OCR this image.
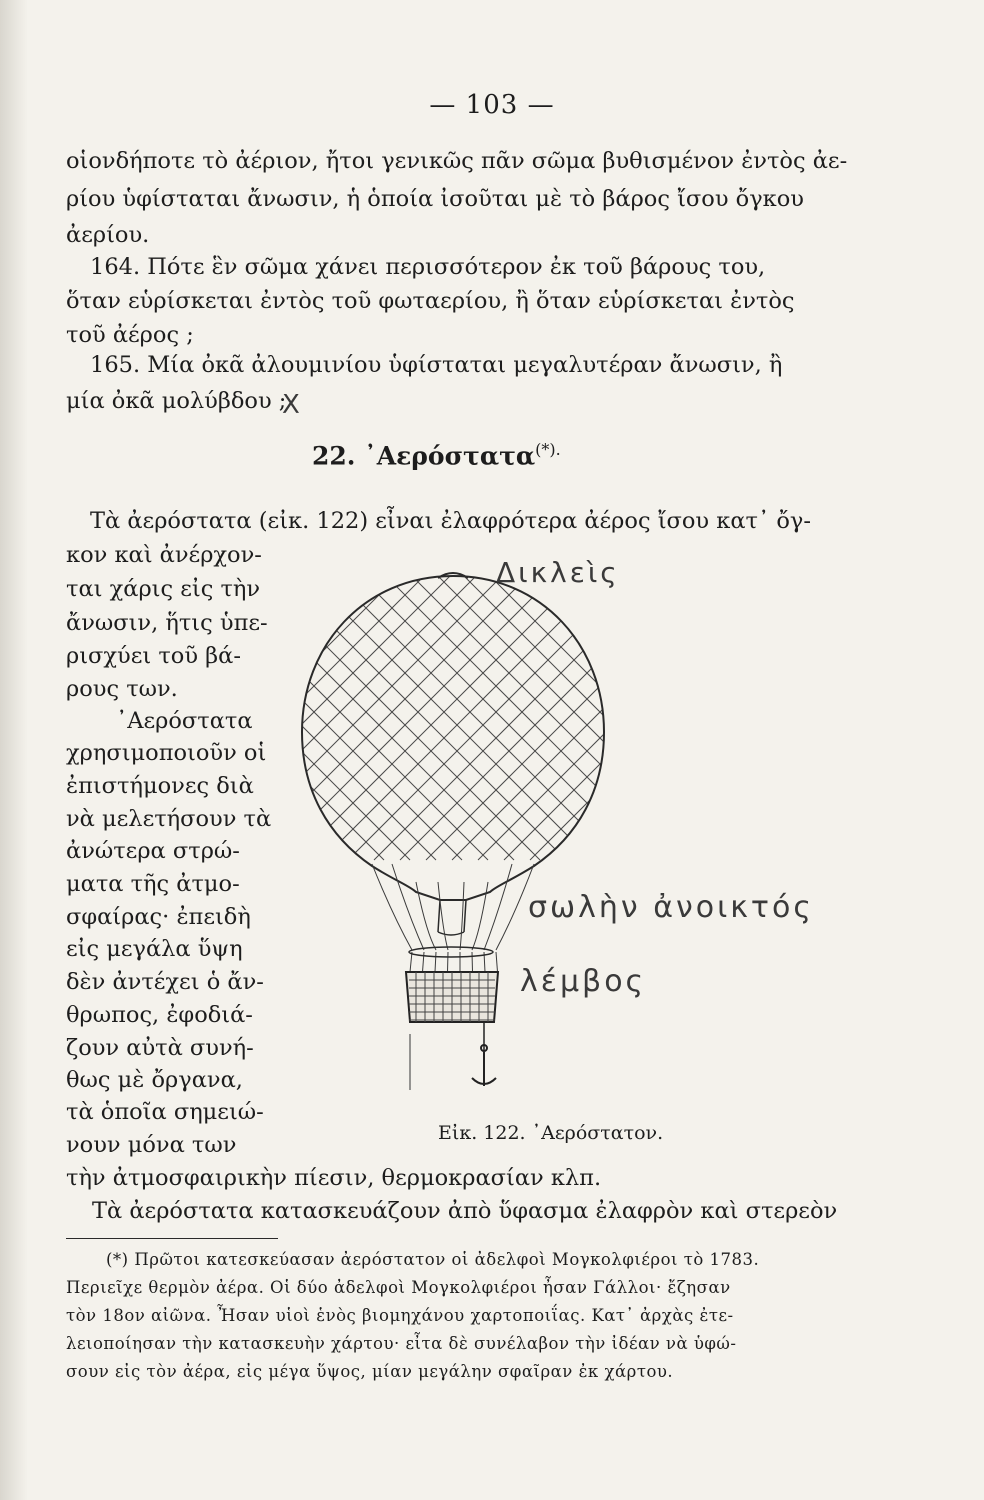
— 103 —
οἱονδήποτε τὸ ἀέριον, ἤτοι γενικῶς πᾶν σῶμα βυθισμένον ἐντὸς ἀε-
ρίου ὑφίσταται ἄνωσιν, ἡ ὁποία ἰσοῦται μὲ τὸ βάρος ἴσου ὄγκου
ἀερίου.
164. Πότε ἓν σῶμα χάνει περισσότερον ἐκ τοῦ βάρους του,
ὅταν εὑρίσκεται ἐντὸς τοῦ φωταερίου, ἢ ὅταν εὑρίσκεται ἐντὸς
τοῦ ἀέρος ;
165. Μία ὀκᾶ ἀλουμινίου ὑφίσταται μεγαλυτέραν ἄνωσιν, ἢ
μία ὀκᾶ μολύβδου ;
Χ
22. ᾿Αερόστατα(*).
Τὰ ἀερόστατα (εἰκ. 122) εἶναι ἐλαφρότερα ἀέρος ἴσου κατ᾽ ὄγ-
κον καὶ ἀνέρχον-
ται χάρις εἰς τὴν
ἄνωσιν, ἥτις ὑπε-
ρισχύει τοῦ βά-
ρους των.
᾿Αερόστατα
χρησιμοποιοῦν οἱ
ἐπιστήμονες διὰ
νὰ μελετήσουν τὰ
ἀνώτερα στρώ-
ματα τῆς ἀτμο-
σφαίρας· ἐπειδὴ
εἰς μεγάλα ὕψη
δὲν ἀντέχει ὁ ἄν-
θρωπος, ἐφοδιά-
ζουν αὐτὰ συνή-
θως μὲ ὄργανα,
τὰ ὁποῖα σημειώ-
νουν μόνα των
Δικλεὶς
σωλὴν ἀνοικτός
λέμβος
Εἰκ. 122. ᾿Αερόστατον.
τὴν ἀτμοσφαιρικὴν πίεσιν, θερμοκρασίαν κλπ.
Τὰ ἀερόστατα κατασκευάζουν ἀπὸ ὕφασμα ἐλαφρὸν καὶ στερεὸν
(*) Πρῶτοι κατεσκεύασαν ἀερόστατον οἱ ἀδελφοὶ Μογκολφιέροι τὸ 1783.
Περιεῖχε θερμὸν ἀέρα. Οἱ δύο ἀδελφοὶ Μογκολφιέροι ἦσαν Γάλλοι· ἔζησαν
τὸν 18ον αἰῶνα. Ἦσαν υἱοὶ ἑνὸς βιομηχάνου χαρτοποιΐας. Κατ᾽ ἀρχὰς ἐτε-
λειοποίησαν τὴν κατασκευὴν χάρτου· εἶτα δὲ συνέλαβον τὴν ἰδέαν νὰ ὑφώ-
σουν εἰς τὸν ἀέρα, εἰς μέγα ὕψος, μίαν μεγάλην σφαῖραν ἐκ χάρτου.
